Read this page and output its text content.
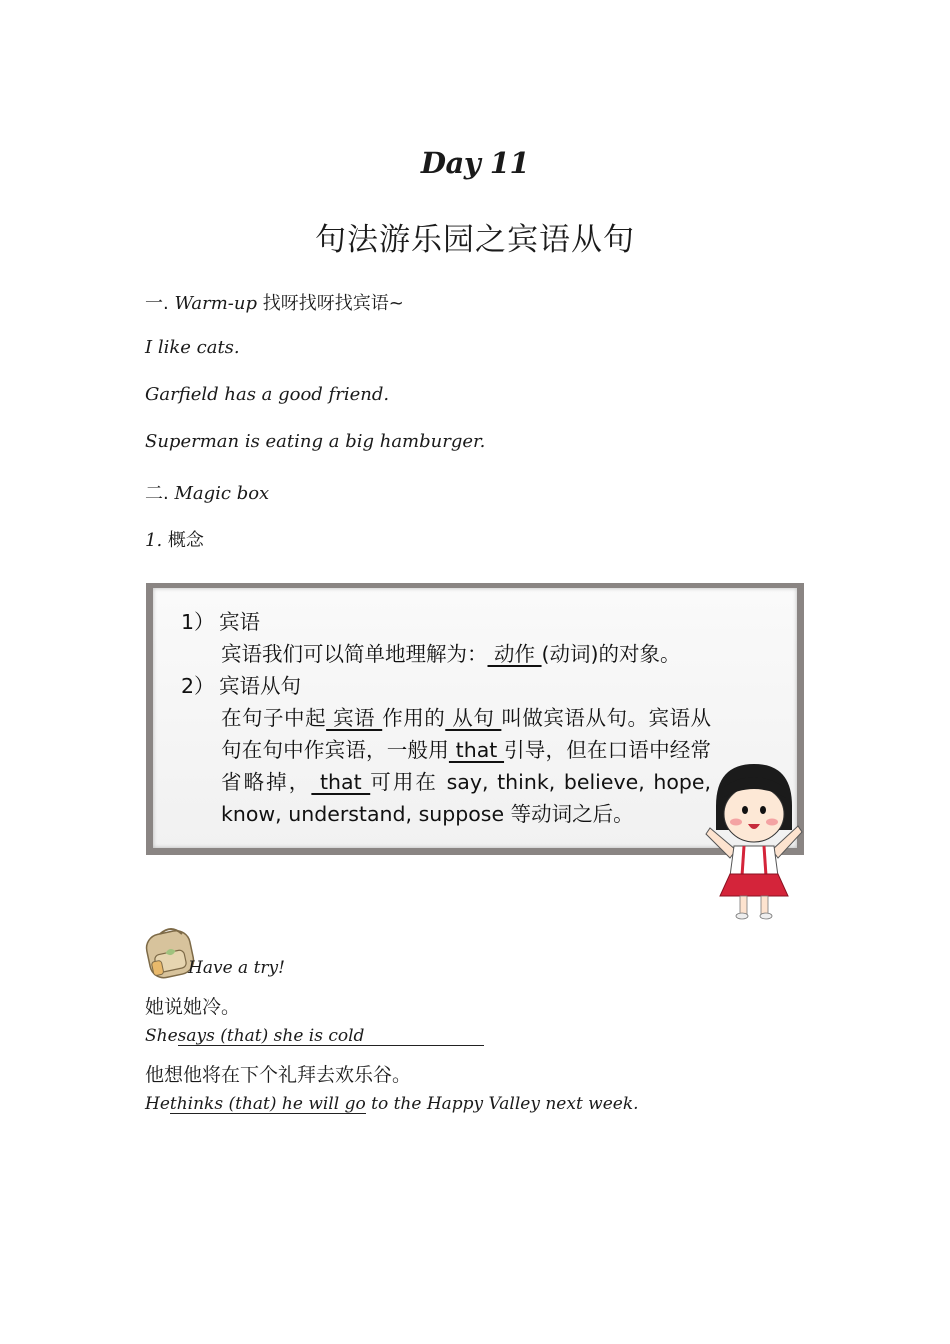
Day 11
句法游乐园之宾语从句
一. Warm-up 找呀找呀找宾语~
I like cats.
Garfield has a good friend.
Superman is eating a big hamburger.
二. Magic box
1. 概念
1） 宾语
宾语我们可以简单地理解为： 动作 (动词)的对象。
2） 宾语从句
在句子中起 宾语 作用的 从句 叫做宾语从句。宾语从句在句中作宾语，一般用 that 引导，但在口语中经常省略掉， that 可用在 say, think, believe, hope, know, understand, suppose 等动词之后。
Have a try!
她说她冷。
Shesays (that) she is cold
他想他将在下个礼拜去欢乐谷。
Hethinks (that) he will go to the Happy Valley next week.
